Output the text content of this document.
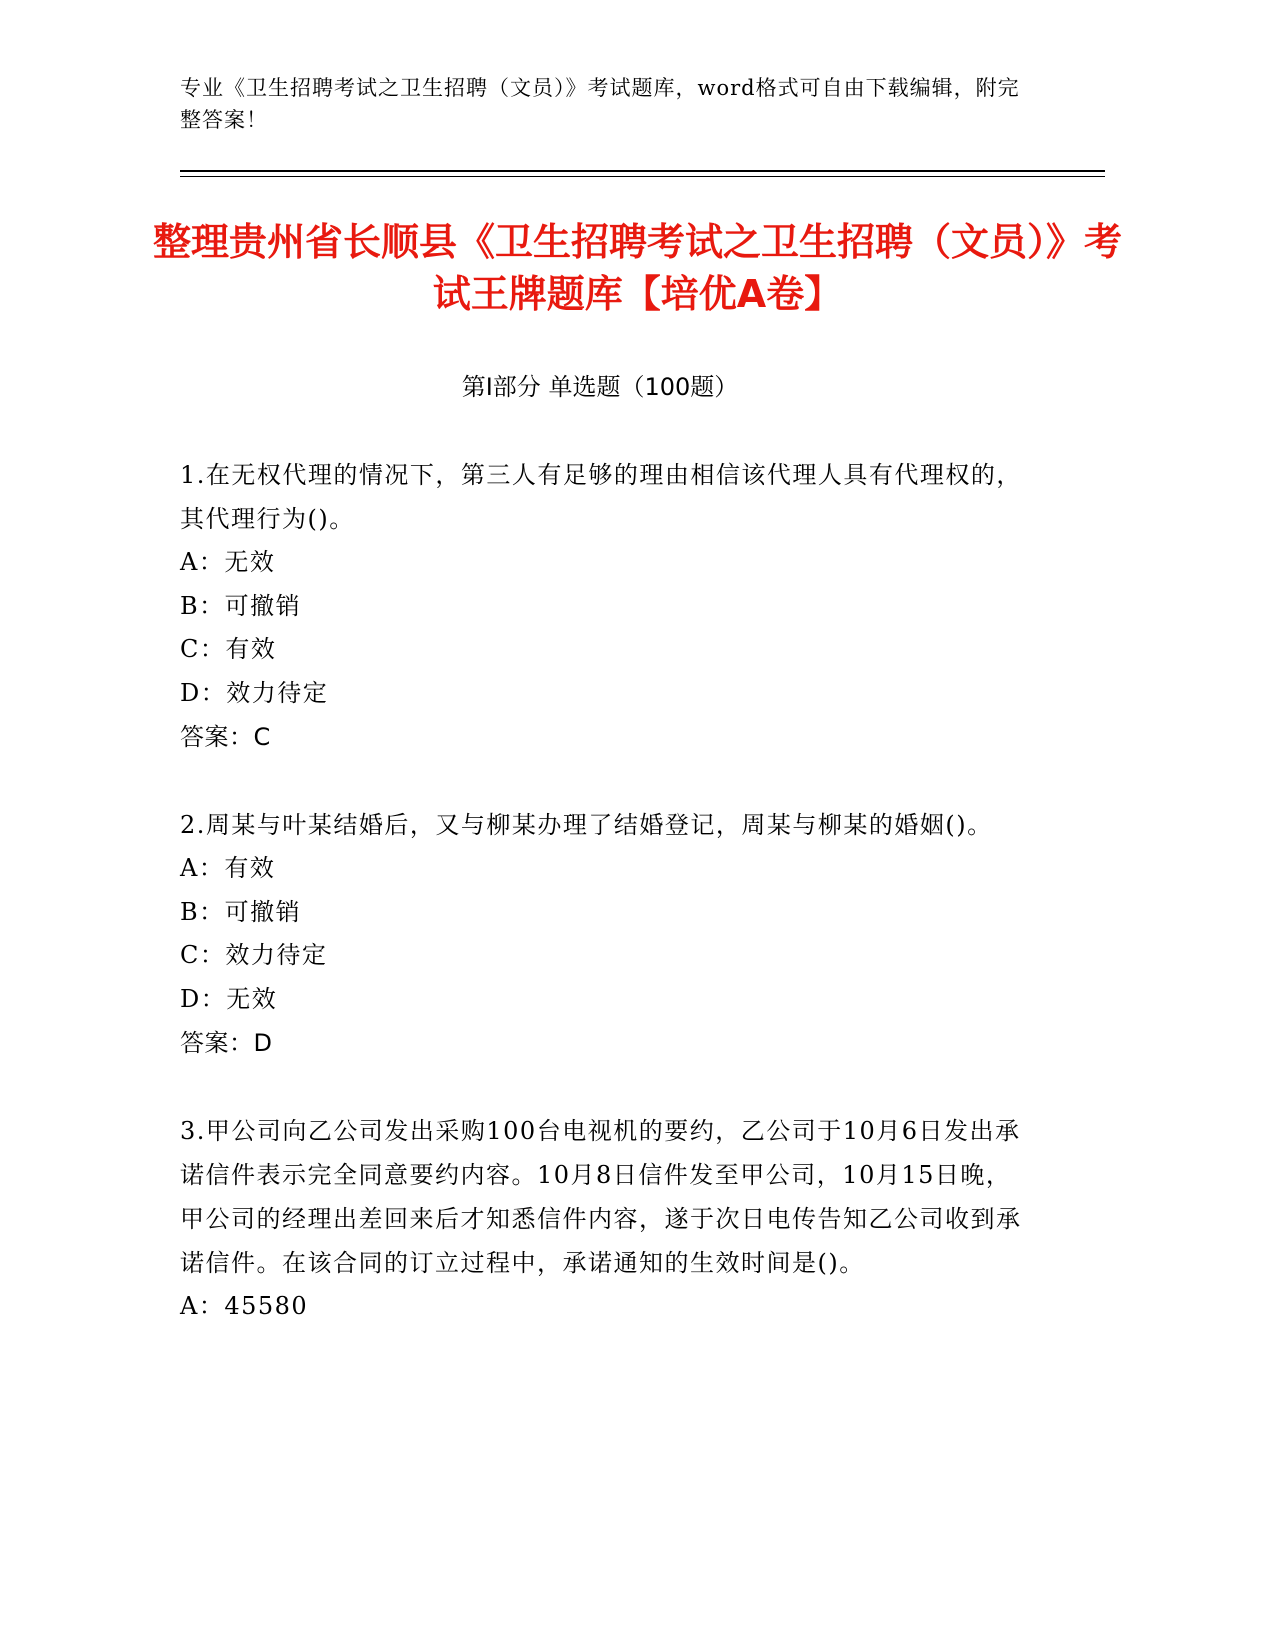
专业《卫生招聘考试之卫生招聘（文员）》考试题库，word格式可自由下载编辑，附完整答案！
整理贵州省长顺县《卫生招聘考试之卫生招聘（文员）》考试王牌题库【培优A卷】
第Ⅰ部分 单选题（100题）
1.在无权代理的情况下，第三人有足够的理由相信该代理人具有代理权的，其代理行为()。
A：无效
B：可撤销
C：有效
D：效力待定
答案：C
2.周某与叶某结婚后，又与柳某办理了结婚登记，周某与柳某的婚姻()。
A：有效
B：可撤销
C：效力待定
D：无效
答案：D
3.甲公司向乙公司发出采购100台电视机的要约，乙公司于10月6日发出承诺信件表示完全同意要约内容。10月8日信件发至甲公司，10月15日晚，甲公司的经理出差回来后才知悉信件内容，遂于次日电传告知乙公司收到承诺信件。在该合同的订立过程中，承诺通知的生效时间是()。
A：45580
